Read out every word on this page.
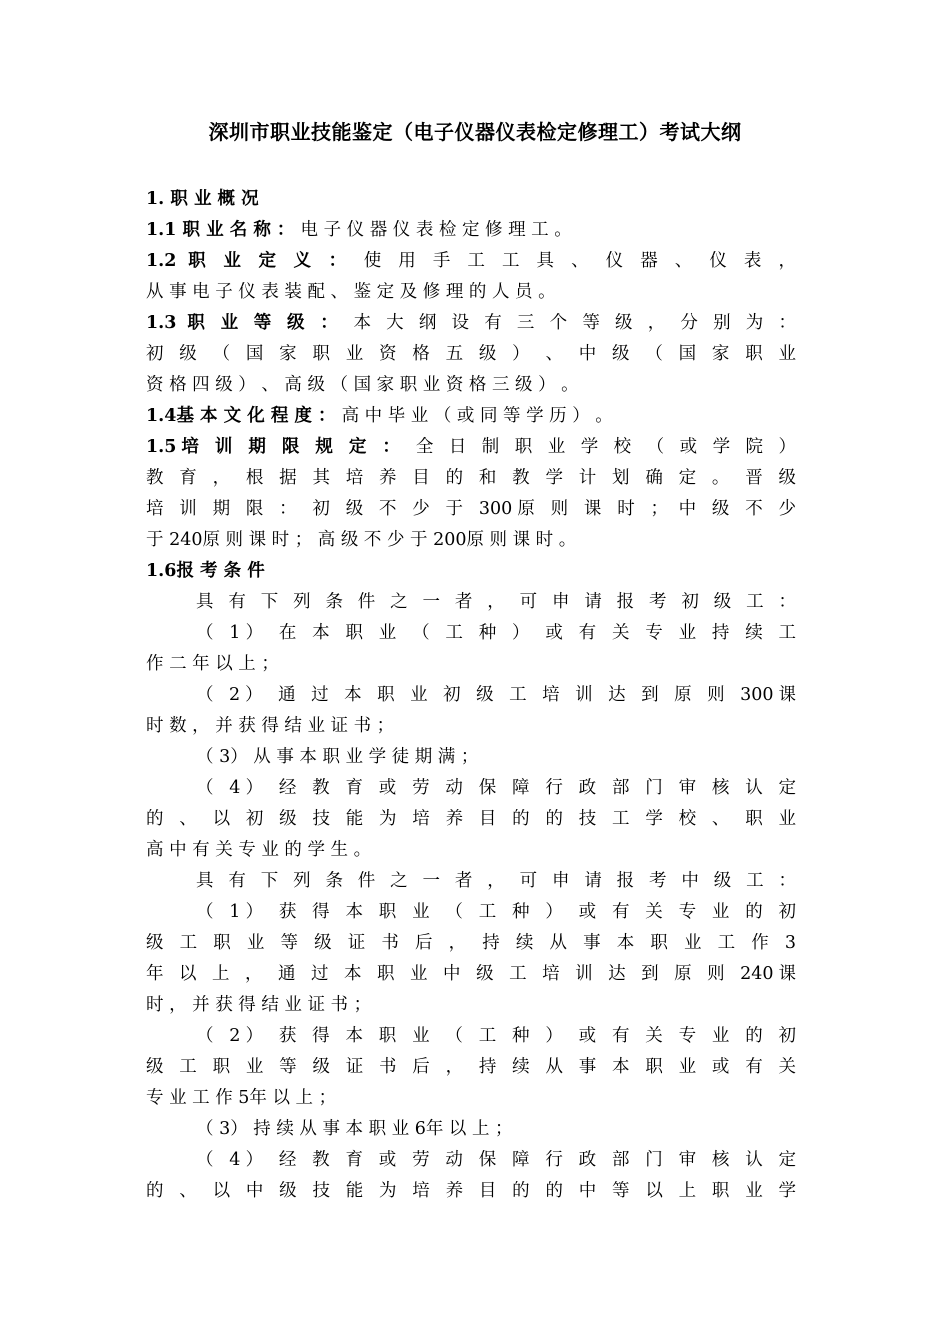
深圳市职业技能鉴定（电子仪器仪表检定修理工）考试大纲
1. 职 业 概 况
1.1 职 业 名 称 ： 电 子 仪 器 仪 表 检 定 修 理 工 。
1.2 职 业 定 义 ： 使 用 手 工 工 具 、 仪 器 、 仪 表 ，
从 事 电 子 仪 表 装 配 、 鉴 定 及 修 理 的 人 员 。
1.3 职 业 等 级 ： 本 大 纲 设 有 三 个 等 级 ， 分 别 为 ：
初 级 （ 国 家 职 业 资 格 五 级 ） 、 中 级 （ 国 家 职 业
资 格 四 级 ） 、 高 级 （ 国 家 职 业 资 格 三 级 ） 。
1.4基 本 文 化 程 度 ： 高 中 毕 业 （ 或 同 等 学 历 ） 。
1.5培 训 期 限 规 定 ： 全 日 制 职 业 学 校 （ 或 学 院 ）
教 育 ， 根 据 其 培 养 目 的 和 教 学 计 划 确 定 。 晋 级
培 训 期 限 ： 初 级 不 少 于 300原 则 课 时 ； 中 级 不 少
于 240原 则 课 时 ； 高 级 不 少 于 200原 则 课 时 。
1.6报 考 条 件
具 有 下 列 条 件 之 一 者 ， 可 申 请 报 考 初 级 工 ：
（ 1） 在 本 职 业 （ 工 种 ） 或 有 关 专 业 持 续 工
作 二 年 以 上 ；
（ 2） 通 过 本 职 业 初 级 工 培 训 达 到 原 则 300课
时 数 ， 并 获 得 结 业 证 书 ；
（ 3） 从 事 本 职 业 学 徒 期 满 ；
（ 4） 经 教 育 或 劳 动 保 障 行 政 部 门 审 核 认 定
的 、 以 初 级 技 能 为 培 养 目 的 的 技 工 学 校 、 职 业
高 中 有 关 专 业 的 学 生 。
具 有 下 列 条 件 之 一 者 ， 可 申 请 报 考 中 级 工 ：
（ 1） 获 得 本 职 业 （ 工 种 ） 或 有 关 专 业 的 初
级 工 职 业 等 级 证 书 后 ， 持 续 从 事 本 职 业 工 作 3
年 以 上 ， 通 过 本 职 业 中 级 工 培 训 达 到 原 则 240课
时 ， 并 获 得 结 业 证 书 ；
（ 2） 获 得 本 职 业 （ 工 种 ） 或 有 关 专 业 的 初
级 工 职 业 等 级 证 书 后 ， 持 续 从 事 本 职 业 或 有 关
专 业 工 作 5年 以 上 ；
（ 3） 持 续 从 事 本 职 业 6年 以 上 ；
（ 4） 经 教 育 或 劳 动 保 障 行 政 部 门 审 核 认 定
的 、 以 中 级 技 能 为 培 养 目 的 的 中 等 以 上 职 业 学
